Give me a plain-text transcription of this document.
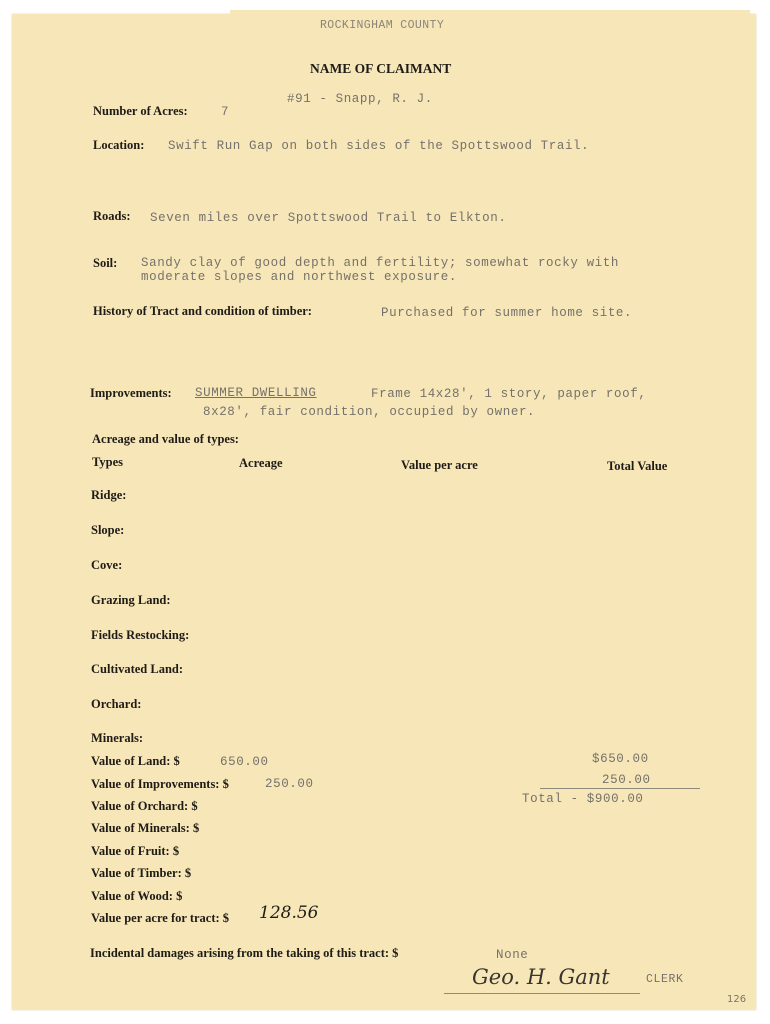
ROCKINGHAM COUNTY
NAME OF CLAIMANT
#91 - Snapp, R. J.
Number of Acres:	7
Location: Swift Run Gap on both sides of the Spottswood Trail.
Roads: Seven miles over Spottswood Trail to Elkton.
Soil: Sandy clay of good depth and fertility; somewhat rocky with
moderate slopes and northwest exposure.
History of Tract and condition of timber:	Purchased for summer home site.
Improvements: SUMMER DWELLING	Frame 14x28', 1 story, paper roof,
8x28', fair condition, occupied by owner.
Acreage and value of types:
Types	Acreage	Value per acre	Total Value
Ridge:
Slope:
Cove:
Grazing Land:
Fields Restocking:
Cultivated Land:
Orchard:
Minerals:
Value of Land: $	650.00	$650.00
Value of Improvements: $	250.00	250.00
Total - $900.00
Value of Orchard: $
Value of Minerals: $
Value of Fruit: $
Value of Timber: $
Value of Wood: $
Value per acre for tract: $ 128.56
Incidental damages arising from the taking of this tract: $	None
Geo. H. Gant	CLERK
126
